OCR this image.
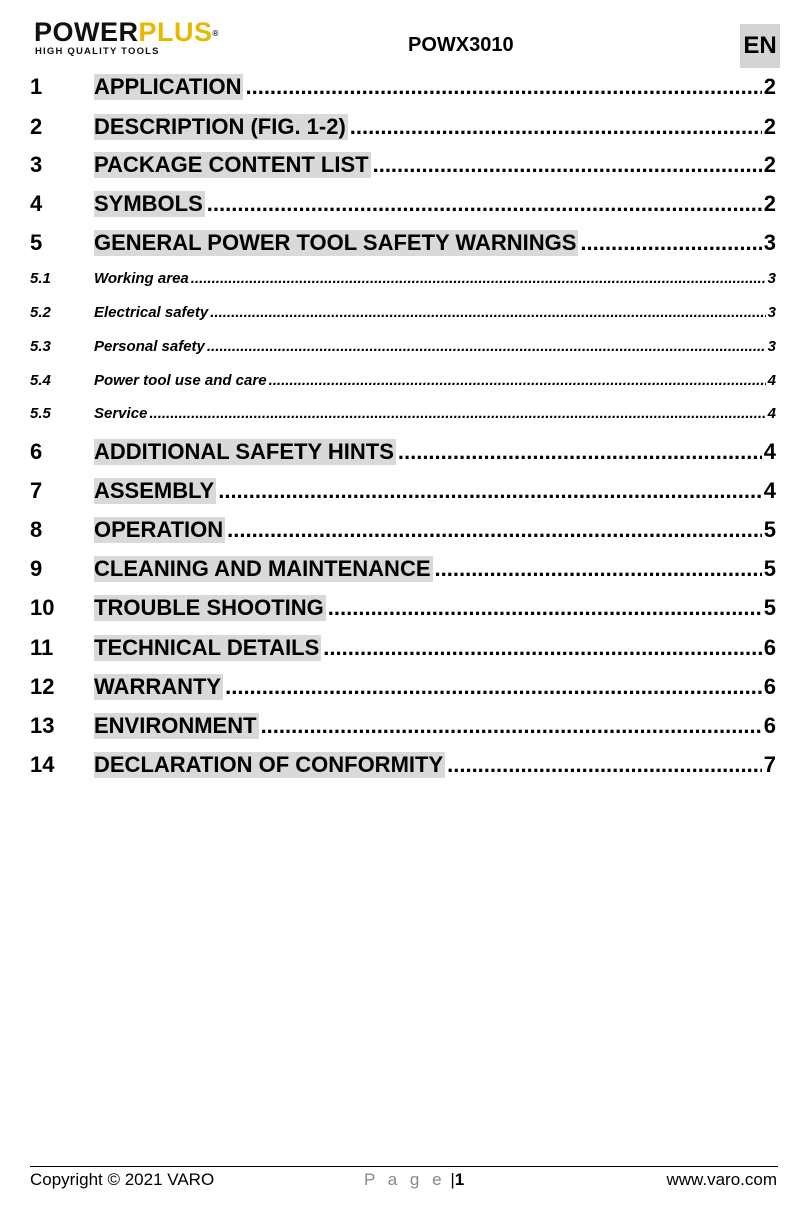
POWERPLUS®
HIGH QUALITY TOOLS	POWX3010	EN
1	APPLICATION .....	2
2	DESCRIPTION (FIG. 1-2) .....	2
3	PACKAGE CONTENT LIST .....	2
4	SYMBOLS .....	2
5	GENERAL POWER TOOL SAFETY WARNINGS .....	3
5.1	Working area .....	3
5.2	Electrical safety .....	3
5.3	Personal safety .....	3
5.4	Power tool use and care .....	4
5.5	Service .....	4
6	ADDITIONAL SAFETY HINTS .....	4
7	ASSEMBLY .....	4
8	OPERATION .....	5
9	CLEANING AND MAINTENANCE .....	5
10	TROUBLE SHOOTING .....	5
11	TECHNICAL DETAILS .....	6
12	WARRANTY .....	6
13	ENVIRONMENT .....	6
14	DECLARATION OF CONFORMITY .....	7
Copyright © 2021 VARO	P a g e |1	www.varo.com
